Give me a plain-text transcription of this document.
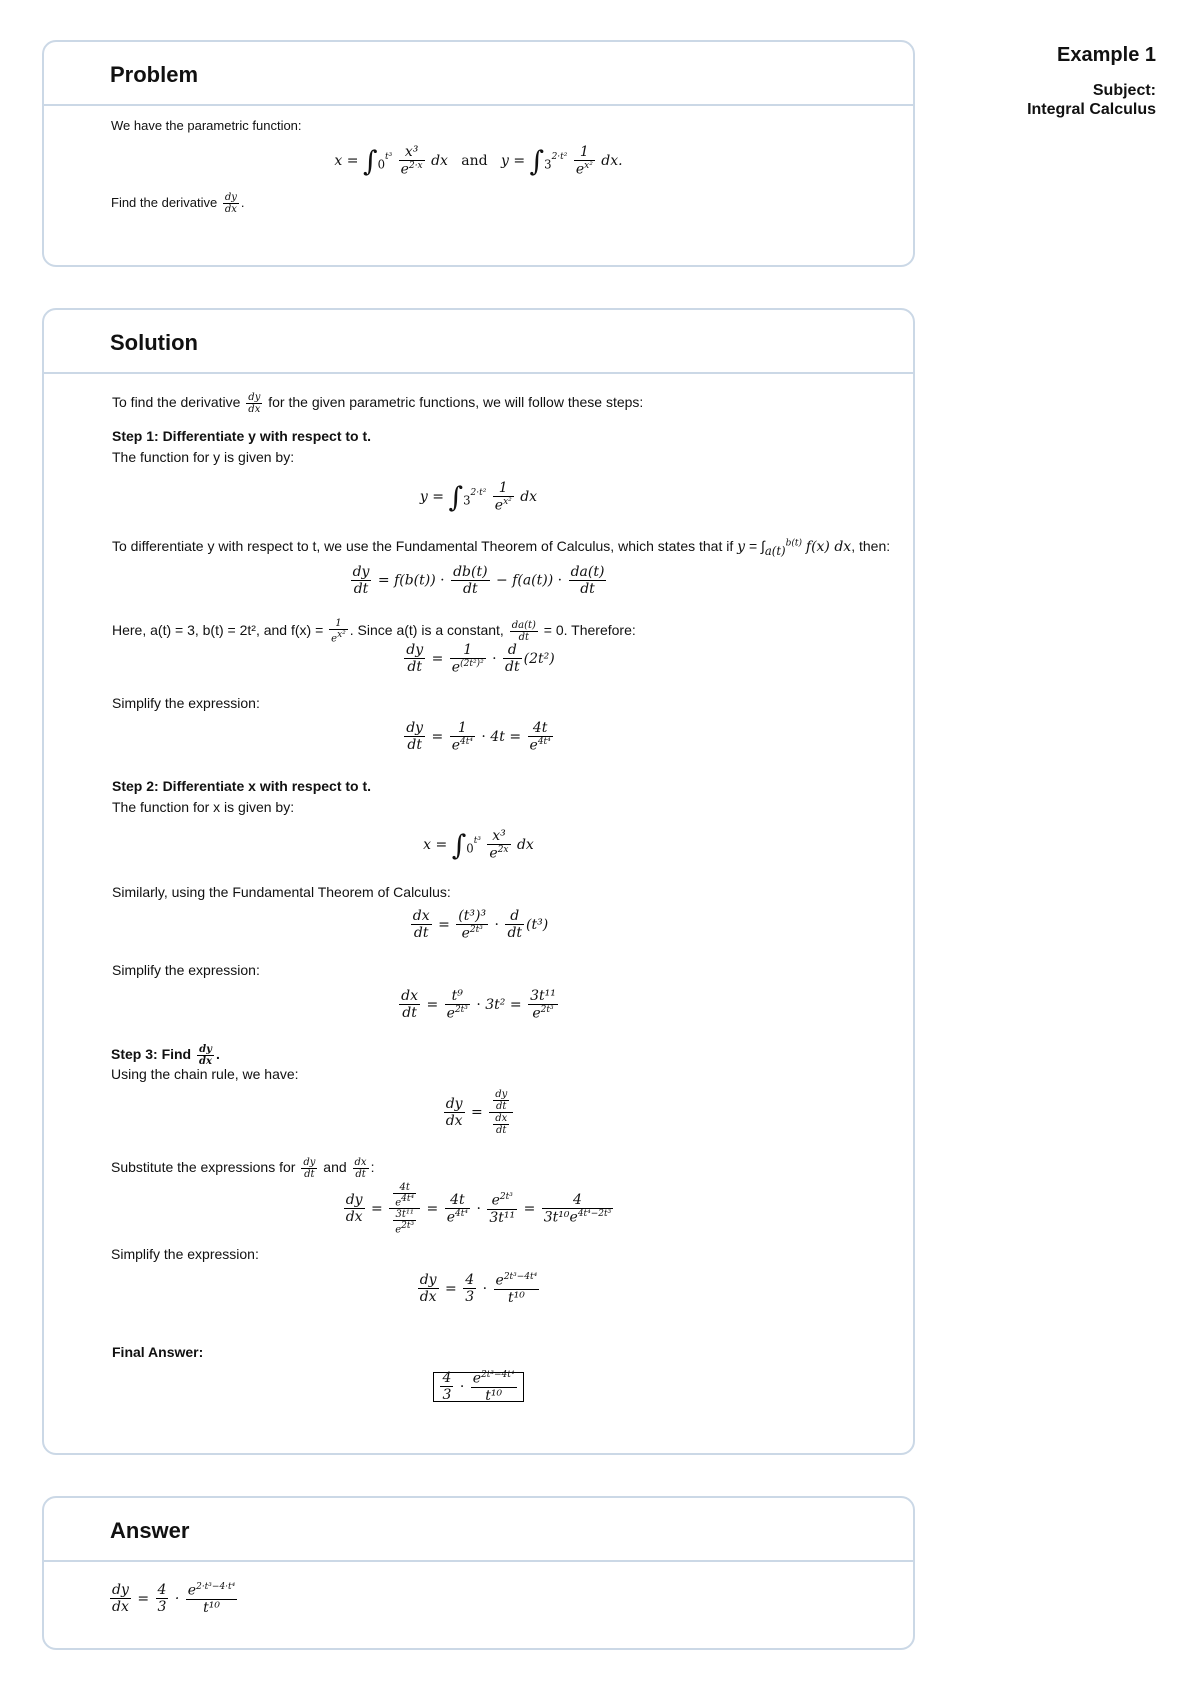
Example 1
Subject:
Integral Calculus
Problem
We have the parametric function:
$x = \int_0^{t^3} \frac{\text{x³}}{e^{2\cdot x}}$ dx   and   $y = \int_3^{2\cdot t^2} \frac{1}{e^{x^2}}$ dx.
Find the derivative $\frac{dy}{dx}$ .
Solution
To find the derivative $\frac{dy}{dx}$ for the given parametric functions, we will follow these steps:
Step 1: Differentiate y with respect to t.
The function for y is given by:
$y = \int_3^{2\cdot t^2} \frac{1}{e^{x^2}}$ dx
To differentiate y with respect to t, we use the Fundamental Theorem of Calculus, which states that if $y = \int_{a(t)}^{b(t)}$ f(x) dx, then:
$\frac{dy}{dt} = f(b(t)) \cdot \frac{db(t)}{dt} - f(a(t)) \cdot \frac{da(t)}{dt}$
Here, a(t) = 3, b(t) = 2t², and $f(x) = \frac{1}{e^{x^2}}$ . Since a(t) is a constant, $\frac{da(t)}{dt} = 0$. Therefore:
$\frac{dy}{dt} = \frac{1}{e^{(2t^2)^2}} \cdot \frac{d}{dt} (2t^2)$
Simplify the expression:
$\frac{dy}{dt} = \frac{1}{e^{4t^4}} \cdot 4t = \frac{4t}{e^{4t^4}}$
Step 2: Differentiate x with respect to t.
The function for x is given by:
$x = \int_0^{t^3} \frac{\text{x³}}{e^{2x}}$ dx
Similarly, using the Fundamental Theorem of Calculus:
$\frac{dx}{dt} = \frac{\text{(t³)³}}{e^{2t^3}} \cdot \frac{d}{dt} (t^3)$
Simplify the expression:
$\frac{dx}{dt} = \frac{\text{t⁹}}{e^{2t^3}} \cdot 3t^2 = \frac{\text{3t¹¹}}{e^{2t^3}}$
Step 3: Find $\frac{dy}{dx}$ .
Using the chain rule, we have:
$\frac{dy}{dx} = \frac{\frac{dy}{dt}}{\frac{dx}{dt}}$
Substitute the expressions for $\frac{dy}{dt}$ and $\frac{dx}{dt}$ :
$\frac{dy}{dx} = \frac{\frac{4t}{e^{4t^4}}}{\frac{\text{3t¹¹}}{e^{2t^3}}} = \frac{4t}{e^{4t^4}} \cdot \frac{e^{2t^3}}{\text{3t¹¹}} = \frac{4}{3t^{10}e^{4t^4-2t^3}}$
Simplify the expression:
$\frac{dy}{dx} = \frac{4}{3} \cdot \frac{e^{2t^3-4t^4}}{\text{t¹⁰}}$
Final Answer:
$\frac{4}{3} \cdot \frac{e^{2t^3-4t^4}}{\text{t¹⁰}}$
Answer
$\frac{dy}{dx} = \frac{4}{3} \cdot \frac{e^{2\cdot t^3-4\cdot t^4}}{\text{t¹⁰}}$
